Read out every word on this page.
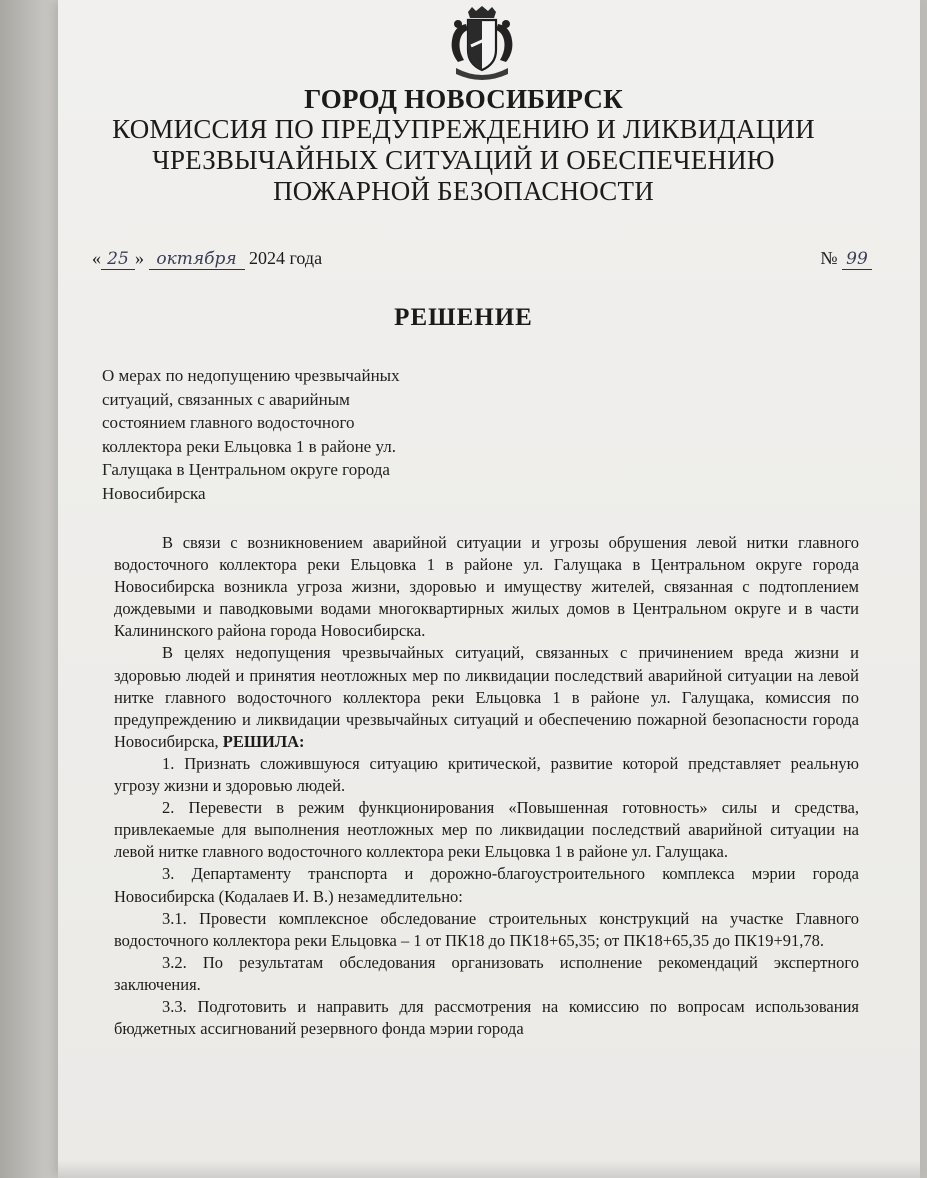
ГОРОД НОВОСИБИРСК
КОМИССИЯ ПО ПРЕДУПРЕЖДЕНИЮ И ЛИКВИДАЦИИ
ЧРЕЗВЫЧАЙНЫХ СИТУАЦИЙ И ОБЕСПЕЧЕНИЮ
ПОЖАРНОЙ БЕЗОПАСНОСТИ
« 25 » октября 2024 года	№ 99
РЕШЕНИЕ
О мерах по недопущению чрезвычайных
ситуаций, связанных с аварийным
состоянием главного водосточного
коллектора реки Ельцовка 1 в районе ул.
Галущака в Центральном округе города
Новосибирска

В связи с возникновением аварийной ситуации и угрозы обрушения левой нитки главного водосточного коллектора реки Ельцовка 1 в районе ул. Галущака в Центральном округе города Новосибирска возникла угроза жизни, здоровью и имуществу жителей, связанная с подтоплением дождевыми и паводковыми водами многоквартирных жилых домов в Центральном округе и в части Калининского района города Новосибирска.

В целях недопущения чрезвычайных ситуаций, связанных с причинением вреда жизни и здоровью людей и принятия неотложных мер по ликвидации последствий аварийной ситуации на левой нитке главного водосточного коллектора реки Ельцовка 1 в районе ул. Галущака, комиссия по предупреждению и ликвидации чрезвычайных ситуаций и обеспечению пожарной безопасности города Новосибирска, РЕШИЛА:

1. Признать сложившуюся ситуацию критической, развитие которой представляет реальную угрозу жизни и здоровью людей.

2. Перевести в режим функционирования «Повышенная готовность» силы и средства, привлекаемые для выполнения неотложных мер по ликвидации последствий аварийной ситуации на левой нитке главного водосточного коллектора реки Ельцовка 1 в районе ул. Галущака.

3. Департаменту транспорта и дорожно-благоустроительного комплекса мэрии города Новосибирска (Кодалаев И. В.) незамедлительно:

3.1. Провести комплексное обследование строительных конструкций на участке Главного водосточного коллектора реки Ельцовка – 1 от ПК18 до ПК18+65,35; от ПК18+65,35 до ПК19+91,78.

3.2. По результатам обследования организовать исполнение рекомендаций экспертного заключения.

3.3. Подготовить и направить для рассмотрения на комиссию по вопросам использования бюджетных ассигнований резервного фонда мэрии города
